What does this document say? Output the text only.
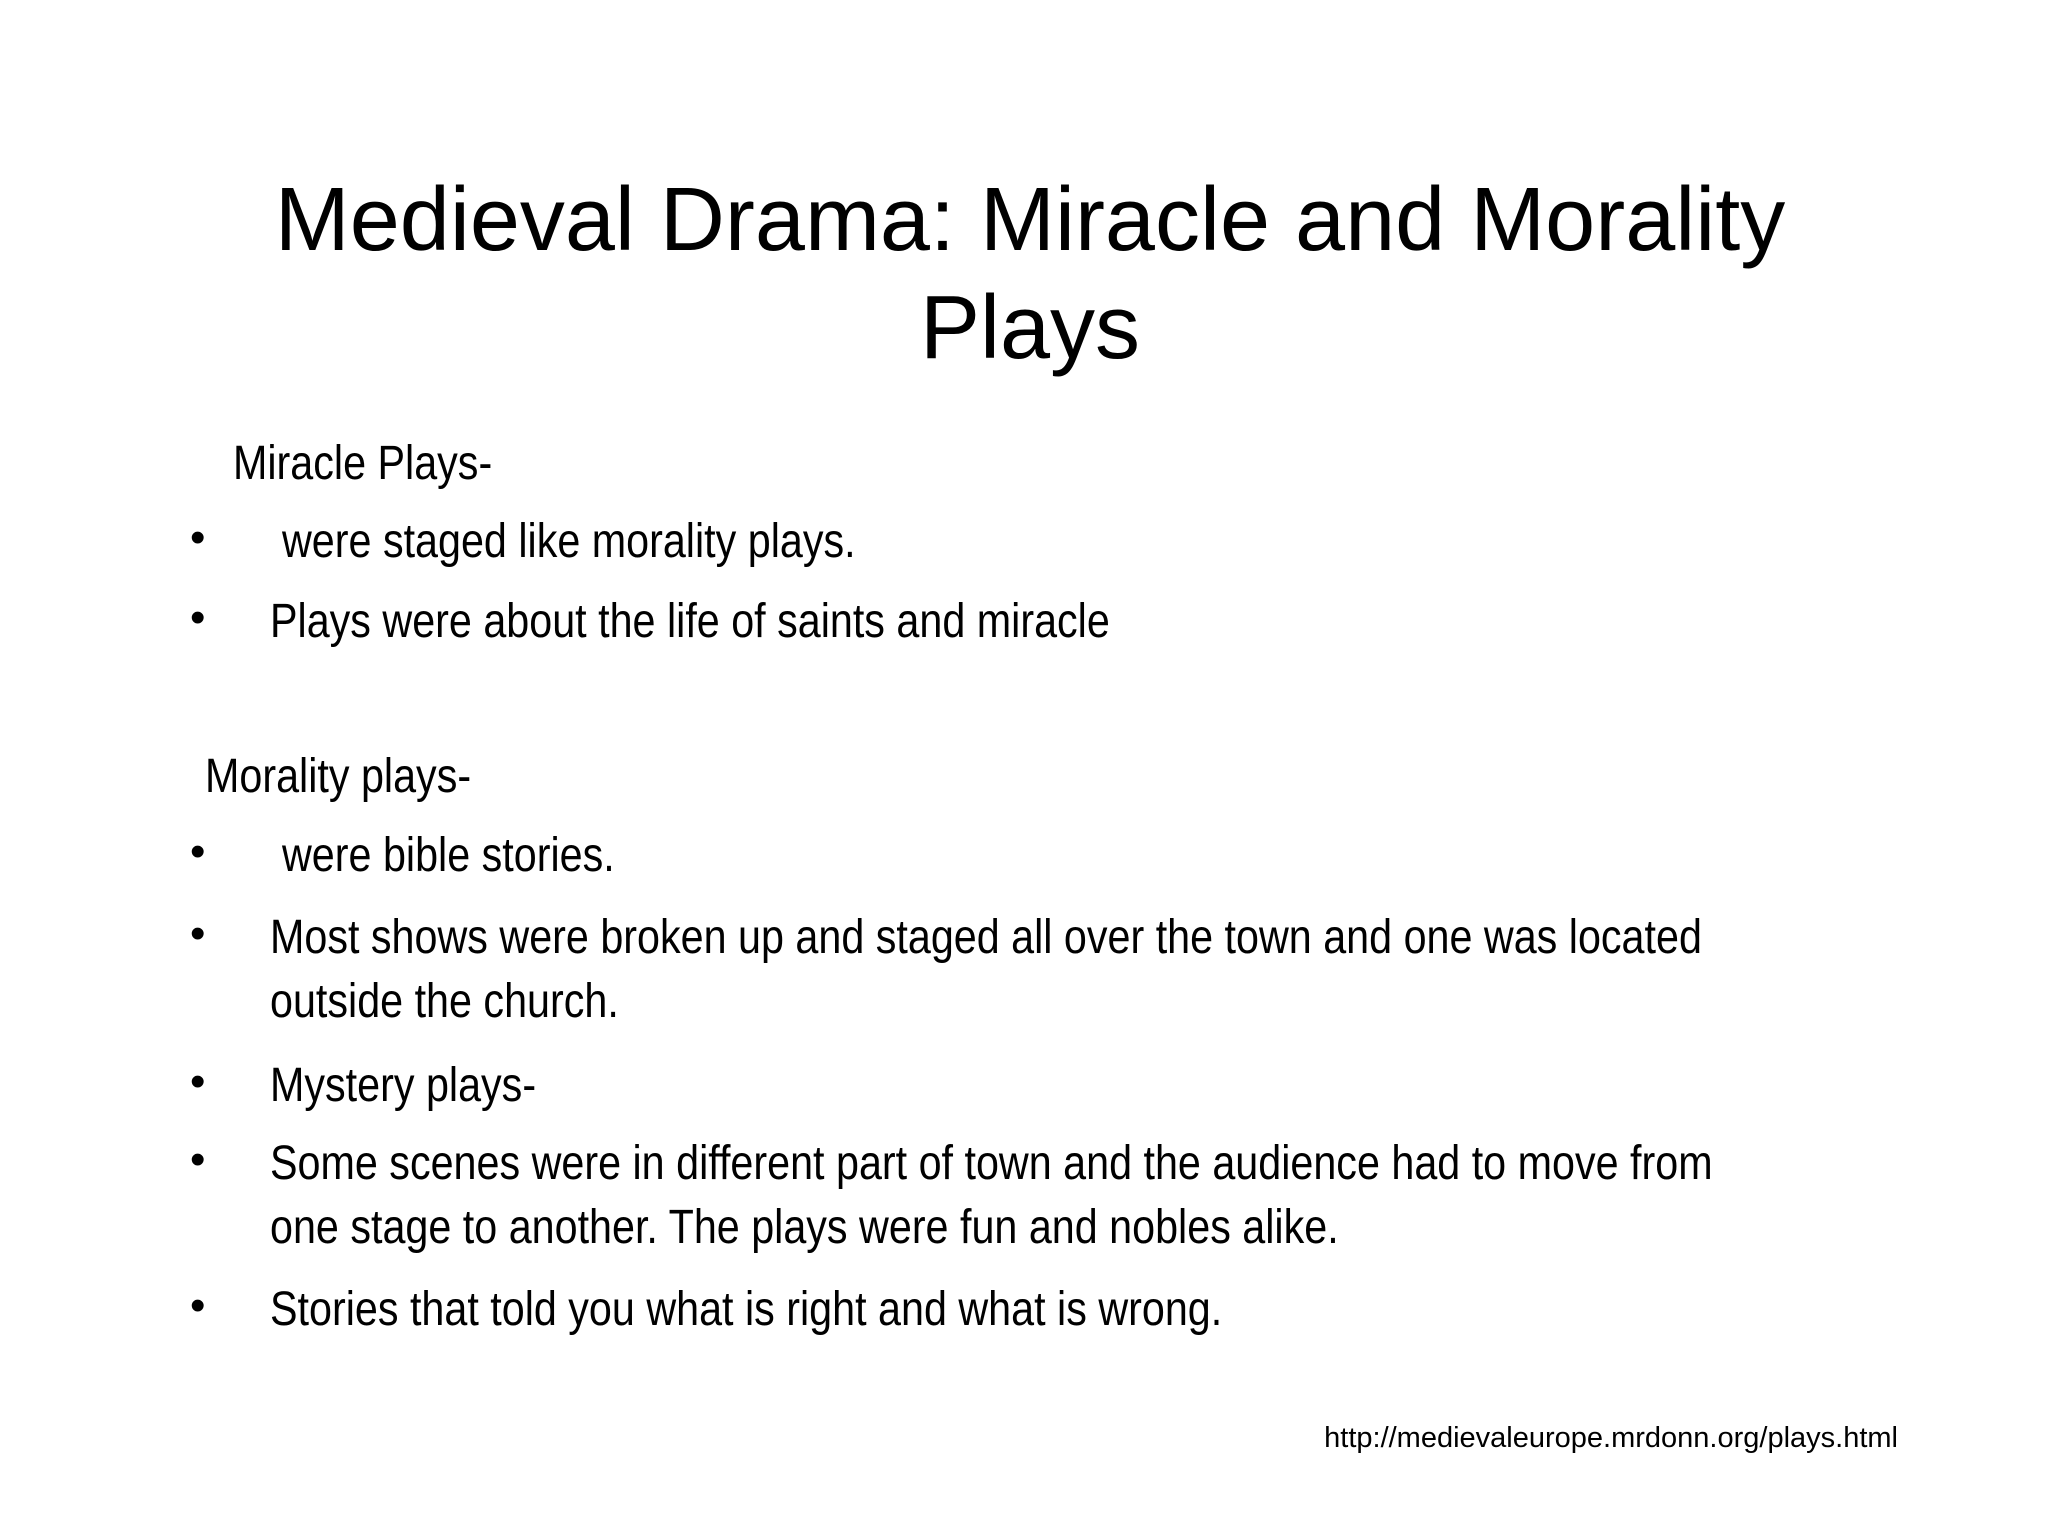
Medieval Drama: Miracle and Morality
Plays
Miracle Plays-
• were staged like morality plays.
• Plays were about the life of saints and miracle
Morality plays-
• were bible stories.
• Most shows were broken up and staged all over the town and one was located
outside the church.
• Mystery plays-
• Some scenes were in different part of town and the audience had to move from
one stage to another. The plays were fun and nobles alike.
• Stories that told you what is right and what is wrong.
http://medievaleurope.mrdonn.org/plays.html
